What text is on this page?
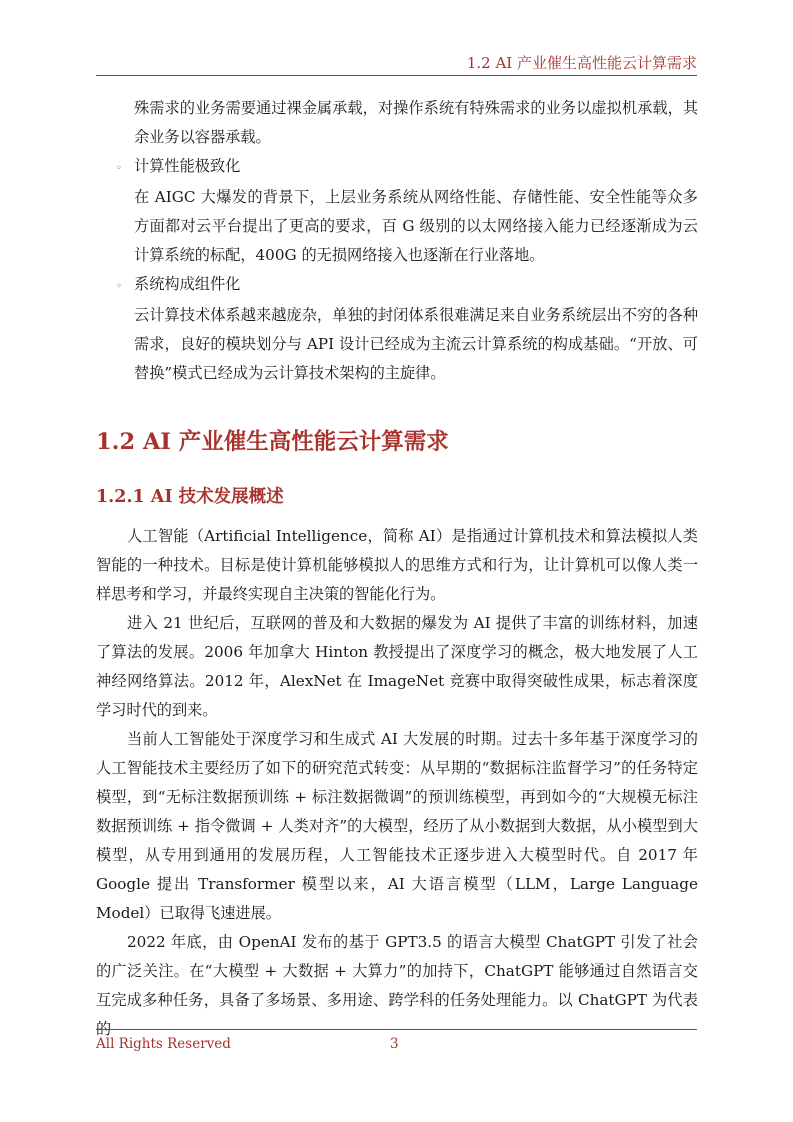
1.2 AI 产业催生高性能云计算需求

殊需求的业务需要通过裸金属承载，对操作系统有特殊需求的业务以虚拟机承载，其余业务以容器承载。

◦ 计算性能极致化

在 AIGC 大爆发的背景下，上层业务系统从网络性能、存储性能、安全性能等众多方面都对云平台提出了更高的要求，百 G 级别的以太网络接入能力已经逐渐成为云计算系统的标配，400G 的无损网络接入也逐渐在行业落地。

◦ 系统构成组件化

云计算技术体系越来越庞杂，单独的封闭体系很难满足来自业务系统层出不穷的各种需求，良好的模块划分与 API 设计已经成为主流云计算系统的构成基础。“开放、可替换”模式已经成为云计算技术架构的主旋律。

1.2 AI 产业催生高性能云计算需求
1.2.1 AI 技术发展概述

人工智能（Artificial Intelligence，简称 AI）是指通过计算机技术和算法模拟人类智能的一种技术。目标是使计算机能够模拟人的思维方式和行为，让计算机可以像人类一样思考和学习，并最终实现自主决策的智能化行为。

进入 21 世纪后，互联网的普及和大数据的爆发为 AI 提供了丰富的训练材料，加速了算法的发展。2006 年加拿大 Hinton 教授提出了深度学习的概念，极大地发展了人工神经网络算法。2012 年，AlexNet 在 ImageNet 竞赛中取得突破性成果，标志着深度学习时代的到来。

当前人工智能处于深度学习和生成式 AI 大发展的时期。过去十多年基于深度学习的人工智能技术主要经历了如下的研究范式转变：从早期的“数据标注监督学习”的任务特定模型，到“无标注数据预训练 + 标注数据微调”的预训练模型，再到如今的“大规模无标注数据预训练 + 指令微调 + 人类对齐”的大模型，经历了从小数据到大数据，从小模型到大模型，从专用到通用的发展历程，人工智能技术正逐步进入大模型时代。自 2017 年 Google 提出 Transformer 模型以来，AI 大语言模型（LLM，Large Language Model）已取得飞速进展。

2022 年底，由 OpenAI 发布的基于 GPT3.5 的语言大模型 ChatGPT 引发了社会的广泛关注。在“大模型 + 大数据 + 大算力”的加持下，ChatGPT 能够通过自然语言交互完成多种任务，具备了多场景、多用途、跨学科的任务处理能力。以 ChatGPT 为代表的

All Rights Reserved	3
